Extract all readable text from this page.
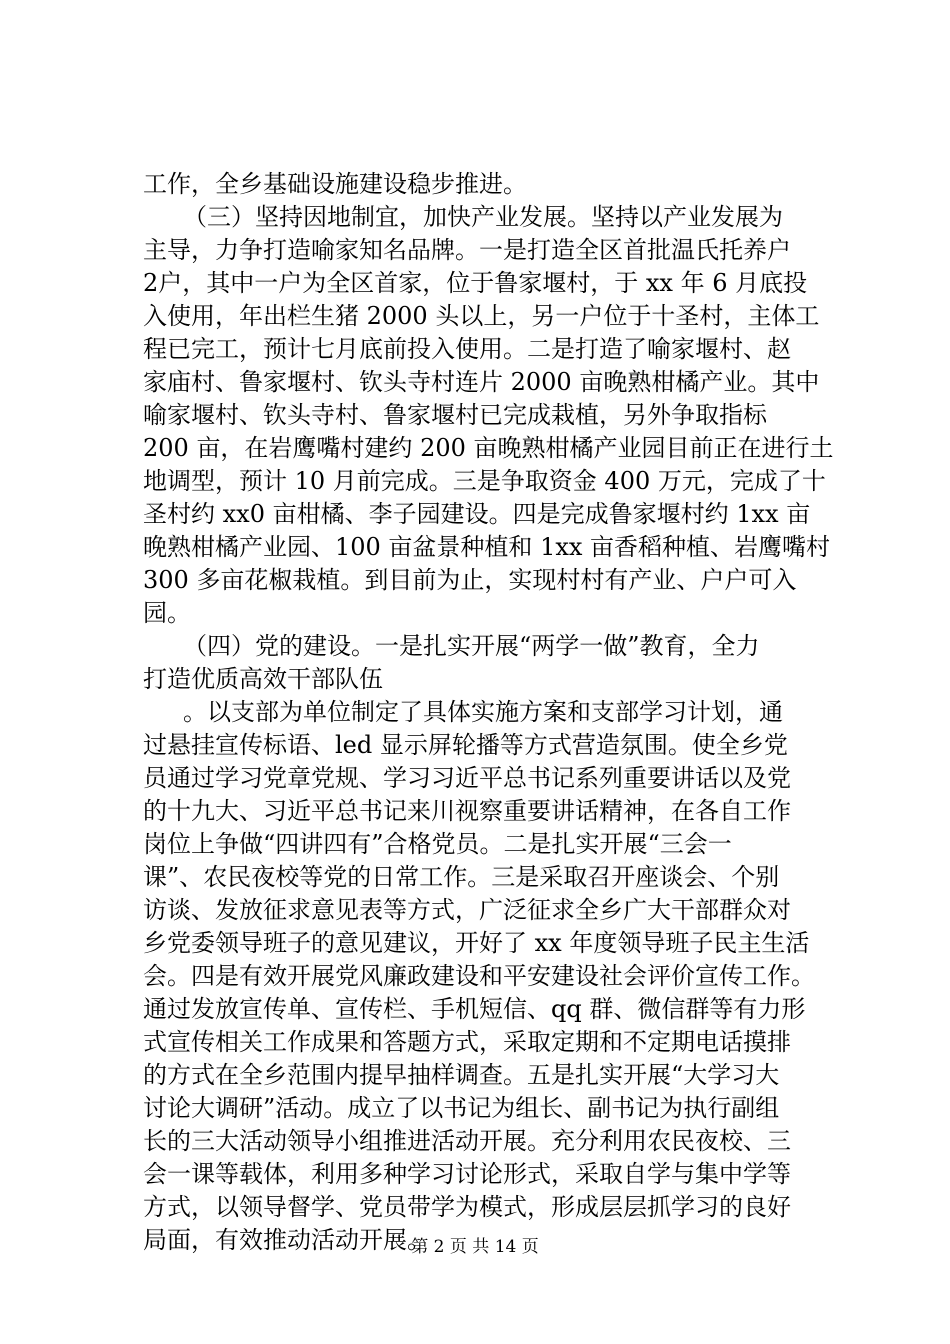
工作，全乡基础设施建设稳步推进。
（三）坚持因地制宜，加快产业发展。坚持以产业发展为
主导，力争打造喻家知名品牌。一是打造全区首批温氏托养户
2户，其中一户为全区首家，位于鲁家堰村，于 xx 年 6 月底投
入使用，年出栏生猪 2000 头以上，另一户位于十圣村，主体工
程已完工，预计七月底前投入使用。二是打造了喻家堰村、赵
家庙村、鲁家堰村、钦头寺村连片 2000 亩晚熟柑橘产业。其中
喻家堰村、钦头寺村、鲁家堰村已完成栽植，另外争取指标
200 亩，在岩鹰嘴村建约 200 亩晚熟柑橘产业园目前正在进行土
地调型，预计 10 月前完成。三是争取资金 400 万元，完成了十
圣村约 xx0 亩柑橘、李子园建设。四是完成鲁家堰村约 1xx 亩
晚熟柑橘产业园、100 亩盆景种植和 1xx 亩香稻种植、岩鹰嘴村
300 多亩花椒栽植。到目前为止，实现村村有产业、户户可入
园。
（四）党的建设。一是扎实开展“两学一做”教育，全力
打造优质高效干部队伍
。以支部为单位制定了具体实施方案和支部学习计划，通
过悬挂宣传标语、led 显示屏轮播等方式营造氛围。使全乡党
员通过学习党章党规、学习习近平总书记系列重要讲话以及党
的十九大、习近平总书记来川视察重要讲话精神，在各自工作
岗位上争做“四讲四有”合格党员。二是扎实开展“三会一
课”、农民夜校等党的日常工作。三是采取召开座谈会、个别
访谈、发放征求意见表等方式，广泛征求全乡广大干部群众对
乡党委领导班子的意见建议，开好了 xx 年度领导班子民主生活
会。四是有效开展党风廉政建设和平安建设社会评价宣传工作。
通过发放宣传单、宣传栏、手机短信、qq 群、微信群等有力形
式宣传相关工作成果和答题方式，采取定期和不定期电话摸排
的方式在全乡范围内提早抽样调查。五是扎实开展“大学习大
讨论大调研”活动。成立了以书记为组长、副书记为执行副组
长的三大活动领导小组推进活动开展。充分利用农民夜校、三
会一课等载体，利用多种学习讨论形式，采取自学与集中学等
方式，以领导督学、党员带学为模式，形成层层抓学习的良好
局面，有效推动活动开展。
第 2 页 共 14 页
